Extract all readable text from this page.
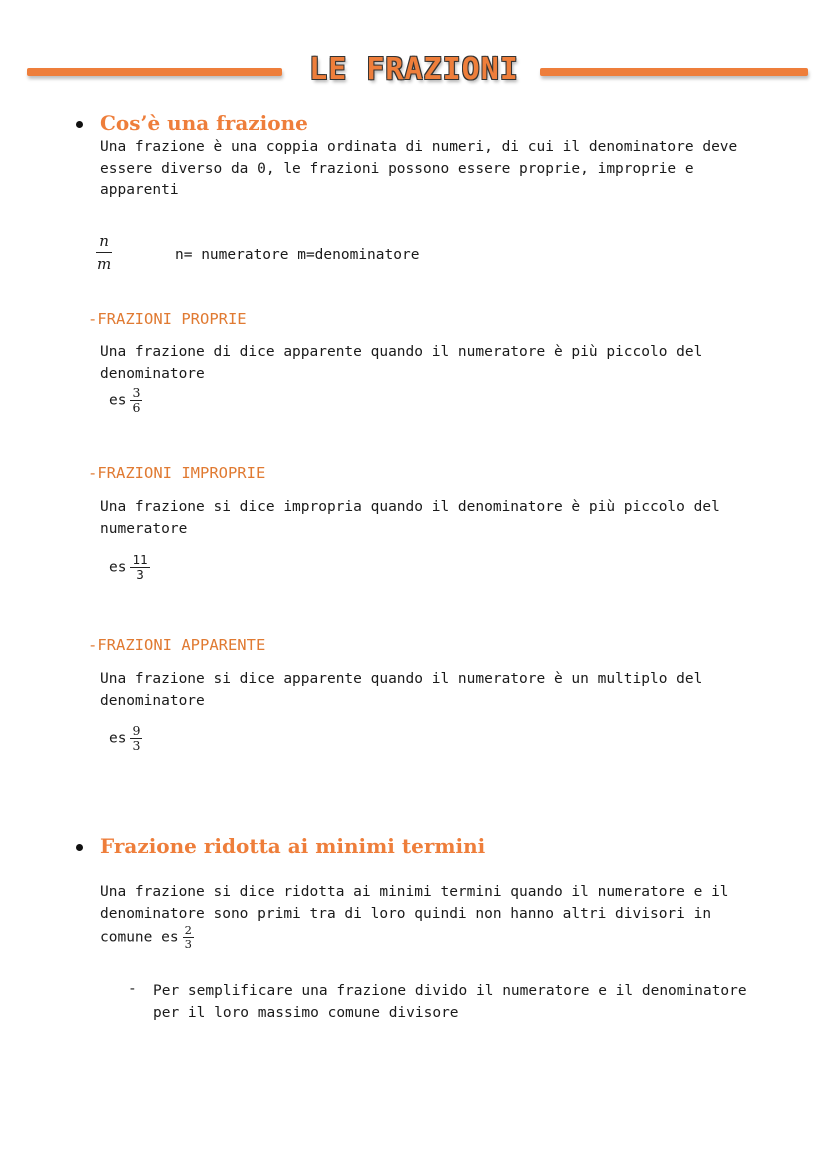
LE FRAZIONI
Cos’è una frazione
Una frazione è una coppia ordinata di numeri, di cui il denominatore deve
essere diverso da 0, le frazioni possono essere proprie, improprie e
apparenti
$\frac{n}{m}$	n= numeratore m=denominatore
-FRAZIONI PROPRIE
Una frazione di dice apparente quando il numeratore è più piccolo del
denominatore
es $\frac{3}{6}$
-FRAZIONI IMPROPRIE
Una frazione si dice impropria quando il denominatore è più piccolo del
numeratore
es $\frac{11}{3}$
-FRAZIONI APPARENTE
Una frazione si dice apparente quando il numeratore è un multiplo del
denominatore
es $\frac{9}{3}$
Frazione ridotta ai minimi termini
Una frazione si dice ridotta ai minimi termini quando il numeratore e il
denominatore sono primi tra di loro quindi non hanno altri divisori in
comune es $\frac{2}{3}$
- Per semplificare una frazione divido il numeratore e il denominatore
per il loro massimo comune divisore
